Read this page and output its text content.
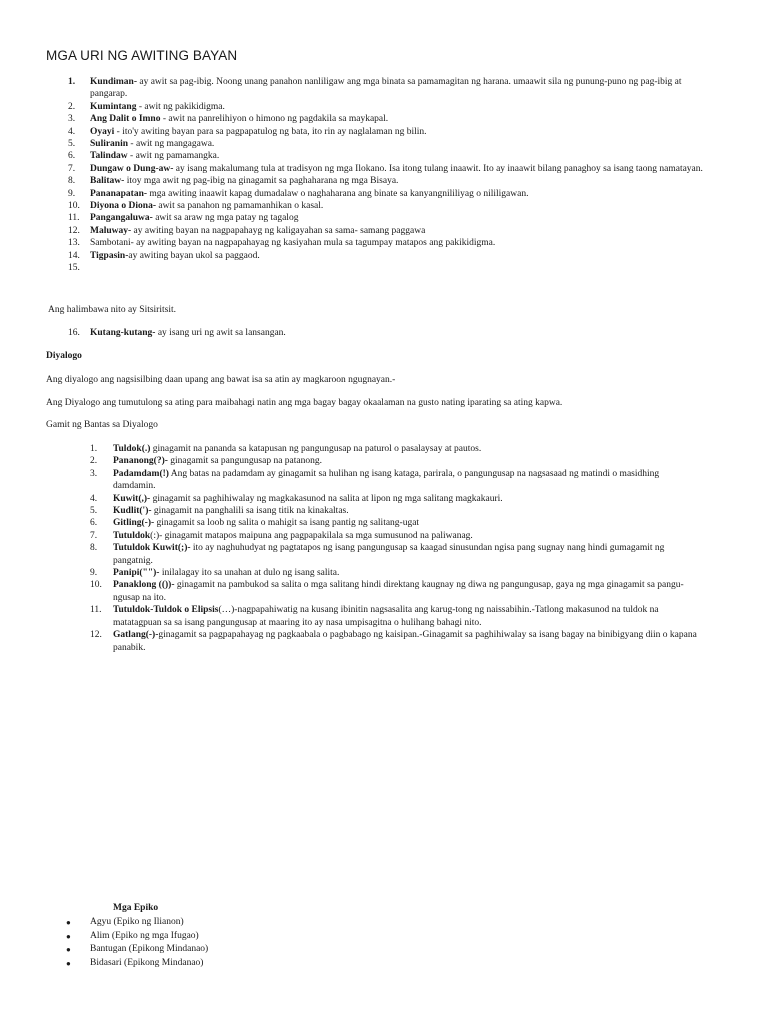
MGA URI NG AWITING BAYAN
1.	Kundiman- ay awit sa pag-ibig. Noong unang panahon nanliligaw ang mga binata sa pamamagitan ng harana. umaawit sila ng punung-puno ng pag-ibig at pangarap.
2.	Kumintang - awit ng pakikidigma.
3.	Ang Dalit o Imno - awit na panrelihiyon o himono ng pagdakila sa maykapal.
4.	Oyayi - ito'y awiting bayan para sa pagpapatulog ng bata, ito rin ay naglalaman ng bilin.
5.	Suliranin - awit ng mangagawa.
6.	Talindaw - awit ng pamamangka.
7.	Dungaw o Dung-aw- ay isang makalumang tula at tradisyon ng mga Ilokano. Isa itong tulang inaawit. Ito ay inaawit bilang panaghoy sa isang taong namatayan.
8.	Balitaw- itoy mga awit ng pag-ibig na ginagamit sa paghaharana ng mga Bisaya.
9.	Pananapatan- mga awiting inaawit kapag dumadalaw o naghaharana ang binate sa kanyangnililiyag o nililigawan.
10.	Diyona o Diona- awit sa panahon ng pamamanhikan o kasal.
11.	Pangangaluwa- awit sa araw ng mga patay ng tagalog
12.	Maluway- ay awiting bayan na nagpapahayg ng kaligayahan sa sama- samang paggawa
13.	Sambotani- ay awiting bayan na nagpapahayag ng kasiyahan mula sa tagumpay matapos ang pakikidigma.
14.	Tigpasin-ay awiting bayan ukol sa paggaod.
15.

Ang halimbawa nito ay Sitsiritsit.
16.	Kutang-kutang- ay isang uri ng awit sa lansangan.
Diyalogo
Ang diyalogo ang nagsisilbing daan upang ang bawat isa sa atin ay magkaroon ngugnayan.-
Ang Diyalogo ang tumutulong sa ating para maibahagi natin ang mga bagay bagay okaalaman na gusto nating iparating sa ating kapwa.
Gamit ng Bantas sa Diyalogo
1.	Tuldok(.) ginagamit na pananda sa katapusan ng pangungusap na paturol o pasalaysay at pautos.
2.	Pananong(?)- ginagamit sa pangungusap na patanong.
3.	Padamdam(!) Ang batas na padamdam ay ginagamit sa hulihan ng isang kataga, parirala, o pangungusap na nagsasaad ng matindi o masidhing damdamin.
4.	Kuwit(,)- ginagamit sa paghihiwalay ng magkakasunod na salita at lipon ng mga salitang magkakauri.
5.	Kudlit(')- ginagamit na panghalili sa isang titik na kinakaltas.
6.	Gitling(-)- ginagamit sa loob ng salita o mahigit sa isang pantig ng salitang-ugat
7.	Tutuldok(:)- ginagamit matapos maipuna ang pagpapakilala sa mga sumusunod na paliwanag.
8.	Tutuldok Kuwit(;)- ito ay naghuhudyat ng pagtatapos ng isang pangungusap sa kaagad sinusundan ngisa pang sugnay nang hindi gumagamit ng pangatnig.
9.	Panipi("")- inilalagay ito sa unahan at dulo ng isang salita.
10.	Panaklong (())- ginagamit na pambukod sa salita o mga salitang hindi direktang kaugnay ng diwa ng pangungusap, gaya ng mga ginagamit sa pangu-ngusap na ito.
11.	Tutuldok-Tuldok o Elipsis(…)-nagpapahiwatig na kusang ibinitin nagsasalita ang karug-tong ng naissabihin.-Tatlong makasunod na tuldok na matatagpuan sa sa isang pangungusap at maaring ito ay nasa umpisagitna o hulihang bahagi nito.
12.	Gatlang(-)-ginagamit sa pagpapahayag ng pagkaabala o pagbabago ng kaisipan.-Ginagamit sa paghihiwalay sa isang bagay na binibigyang diin o kapana panabik.
Mga Epiko
● Agyu (Epiko ng Ilianon)
● Alim (Epiko ng mga Ifugao)
● Bantugan (Epikong Mindanao)
● Bidasari (Epikong Mindanao)
